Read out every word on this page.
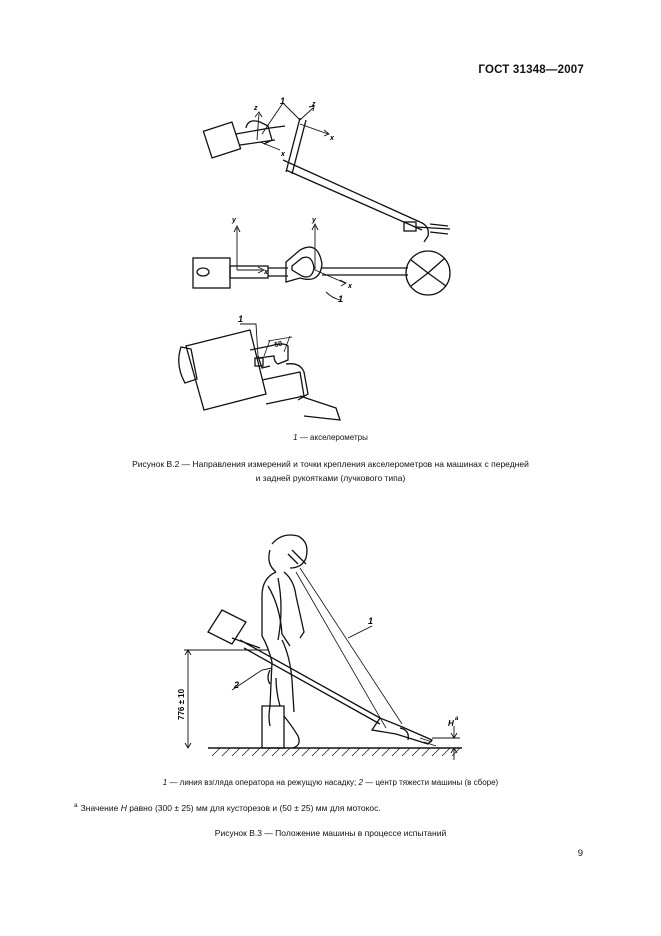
ГОСТ 31348—2007
1
z
z
x
x
y	y
x
x
1
1
50
1 — акселерометры
Рисунок В.2 — Направления измерений и точки крепления акселерометров на машинах с передней
и задней рукоятками (лучкового типа)
1
2
776 ± 10
H a
1 — линия взгляда оператора на режущую насадку; 2 — центр тяжести машины (в сборе)
$^a$ Значение H равно (300 ± 25) мм для кусторезов и (50 ± 25) мм для мотокос.
Рисунок В.3 — Положение машины в процессе испытаний
9
